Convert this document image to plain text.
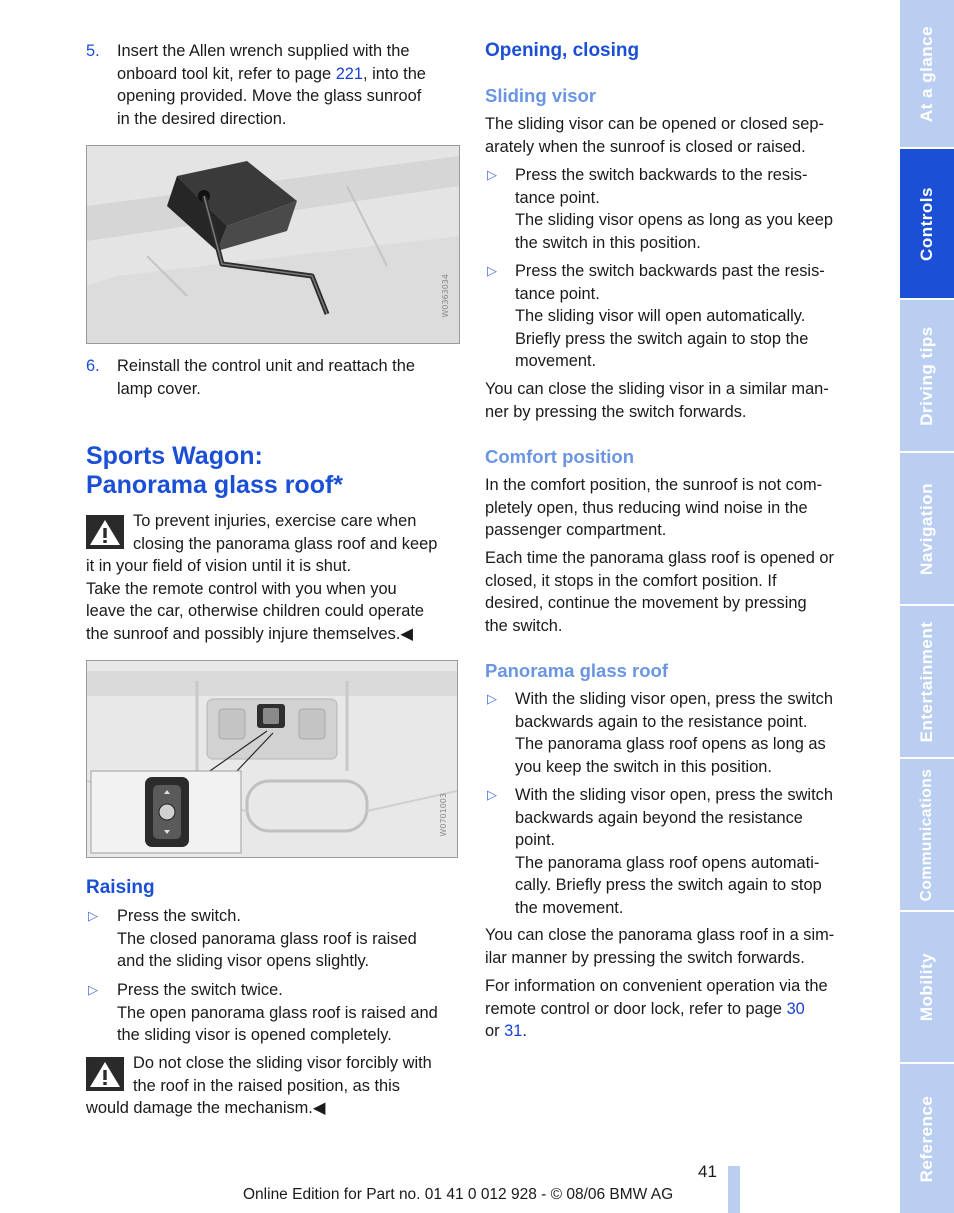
5. Insert the Allen wrench supplied with the

onboard tool kit, refer to page 221, into the

opening provided. Move the glass sunroof

in the desired direction.

W0363034
6. Reinstall the control unit and reattach the

lamp cover.

Sports Wagon:

Panorama glass roof*

To prevent injuries, exercise care when

closing the panorama glass roof and keep

it in your field of vision until it is shut.

Take the remote control with you when you

leave the car, otherwise children could operate

the sunroof and possibly injure themselves.◀

W0701003
Raising
▷ Press the switch.

The closed panorama glass roof is raised

and the sliding visor opens slightly.

▷ Press the switch twice.

The open panorama glass roof is raised and

the sliding visor is opened completely.

Do not close the sliding visor forcibly with

the roof in the raised position, as this

would damage the mechanism.◀

Opening, closing
Sliding visor

The sliding visor can be opened or closed sep-

arately when the sunroof is closed or raised.

▷ Press the switch backwards to the resis-

tance point.

The sliding visor opens as long as you keep

the switch in this position.

▷ Press the switch backwards past the resis-

tance point.

The sliding visor will open automatically.

Briefly press the switch again to stop the

movement.

You can close the sliding visor in a similar man-

ner by pressing the switch forwards.

Comfort position

In the comfort position, the sunroof is not com-

pletely open, thus reducing wind noise in the

passenger compartment.

Each time the panorama glass roof is opened or

closed, it stops in the comfort position. If

desired, continue the movement by pressing

the switch.

Panorama glass roof
▷ With the sliding visor open, press the switch

backwards again to the resistance point.

The panorama glass roof opens as long as

you keep the switch in this position.

▷ With the sliding visor open, press the switch

backwards again beyond the resistance

point.

The panorama glass roof opens automati-

cally. Briefly press the switch again to stop

the movement.

You can close the panorama glass roof in a sim-

ilar manner by pressing the switch forwards.

For information on convenient operation via the

remote control or door lock, refer to page 30

or 31.

41
Online Edition for Part no. 01 41 0 012 928 - © 08/06 BMW AG
At a glance
Controls
Driving tips
Navigation
Entertainment
Communications
Mobility
Reference
